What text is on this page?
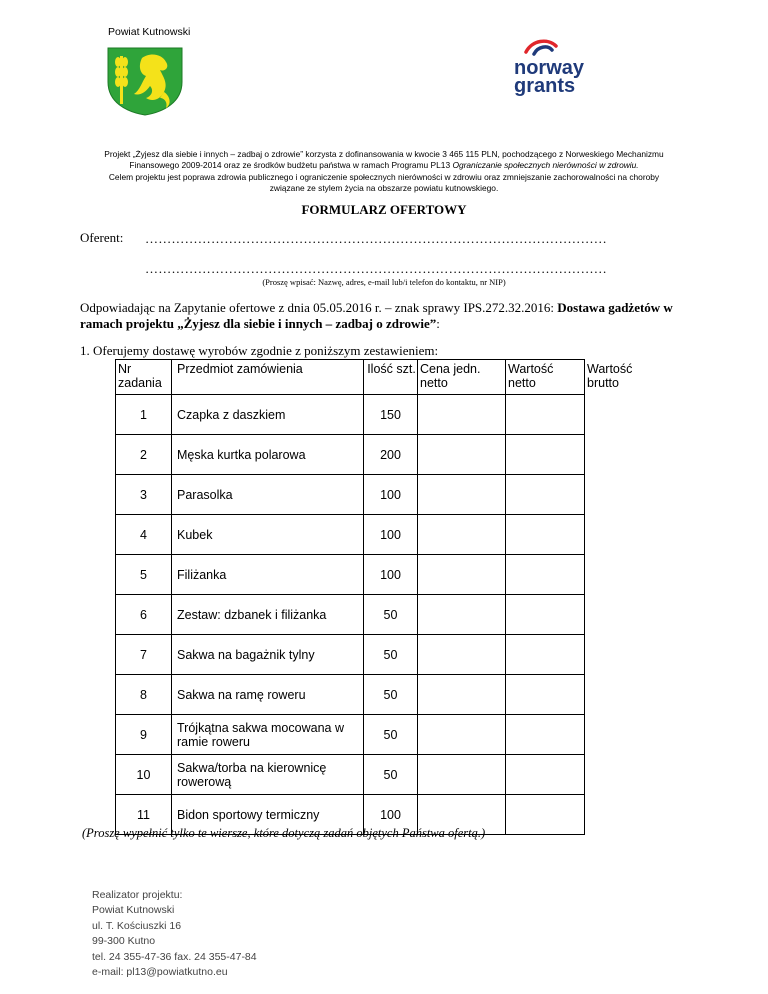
Powiat Kutnowski
norway
grants
Projekt „Żyjesz dla siebie i innych – zadbaj o zdrowie” korzysta z dofinansowania w kwocie 3 465 115 PLN, pochodzącego z Norweskiego Mechanizmu
Finansowego 2009-2014 oraz ze środków budżetu państwa w ramach Programu PL13 Ograniczanie społecznych nierówności w zdrowiu.
Celem projektu jest poprawa zdrowia publicznego i ograniczenie społecznych nierówności w zdrowiu oraz zmniejszanie zachorowalności na choroby
związane ze stylem życia na obszarze powiatu kutnowskiego.
FORMULARZ OFERTOWY
Oferent: ……………………………………………………………………………………………
……………………………………………………………………………………………
(Proszę wpisać: Nazwę, adres, e-mail lub/i telefon do kontaktu, nr NIP)
Odpowiadając na Zapytanie ofertowe z dnia 05.05.2016 r. – znak sprawy IPS.272.32.2016: Dostawa gadżetów w ramach projektu „Żyjesz dla siebie i innych – zadbaj o zdrowie”:
1. Oferujemy dostawę wyrobów zgodnie z poniższym zestawieniem:
Nr zadania	Przedmiot zamówienia	Ilość szt.	Cena jedn. netto	Wartość netto	Wartość brutto
1	Czapka z daszkiem	150			
2	Męska kurtka polarowa	200			
3	Parasolka	100			
4	Kubek	100			
5	Filiżanka	100			
6	Zestaw: dzbanek i filiżanka	50			
7	Sakwa na bagażnik tylny	50			
8	Sakwa na ramę roweru	50			
9	Trójkątna sakwa mocowana w ramie roweru	50			
10	Sakwa/torba na kierownicę rowerową	50			
11	Bidon sportowy termiczny	100			
(Proszę wypełnić tylko te wiersze, które dotyczą zadań objętych Państwa ofertą.)
Realizator projektu:
Powiat Kutnowski
ul. T. Kościuszki 16
99-300 Kutno
tel. 24 355-47-36 fax. 24 355-47-84
e-mail: pl13@powiatkutno.eu
